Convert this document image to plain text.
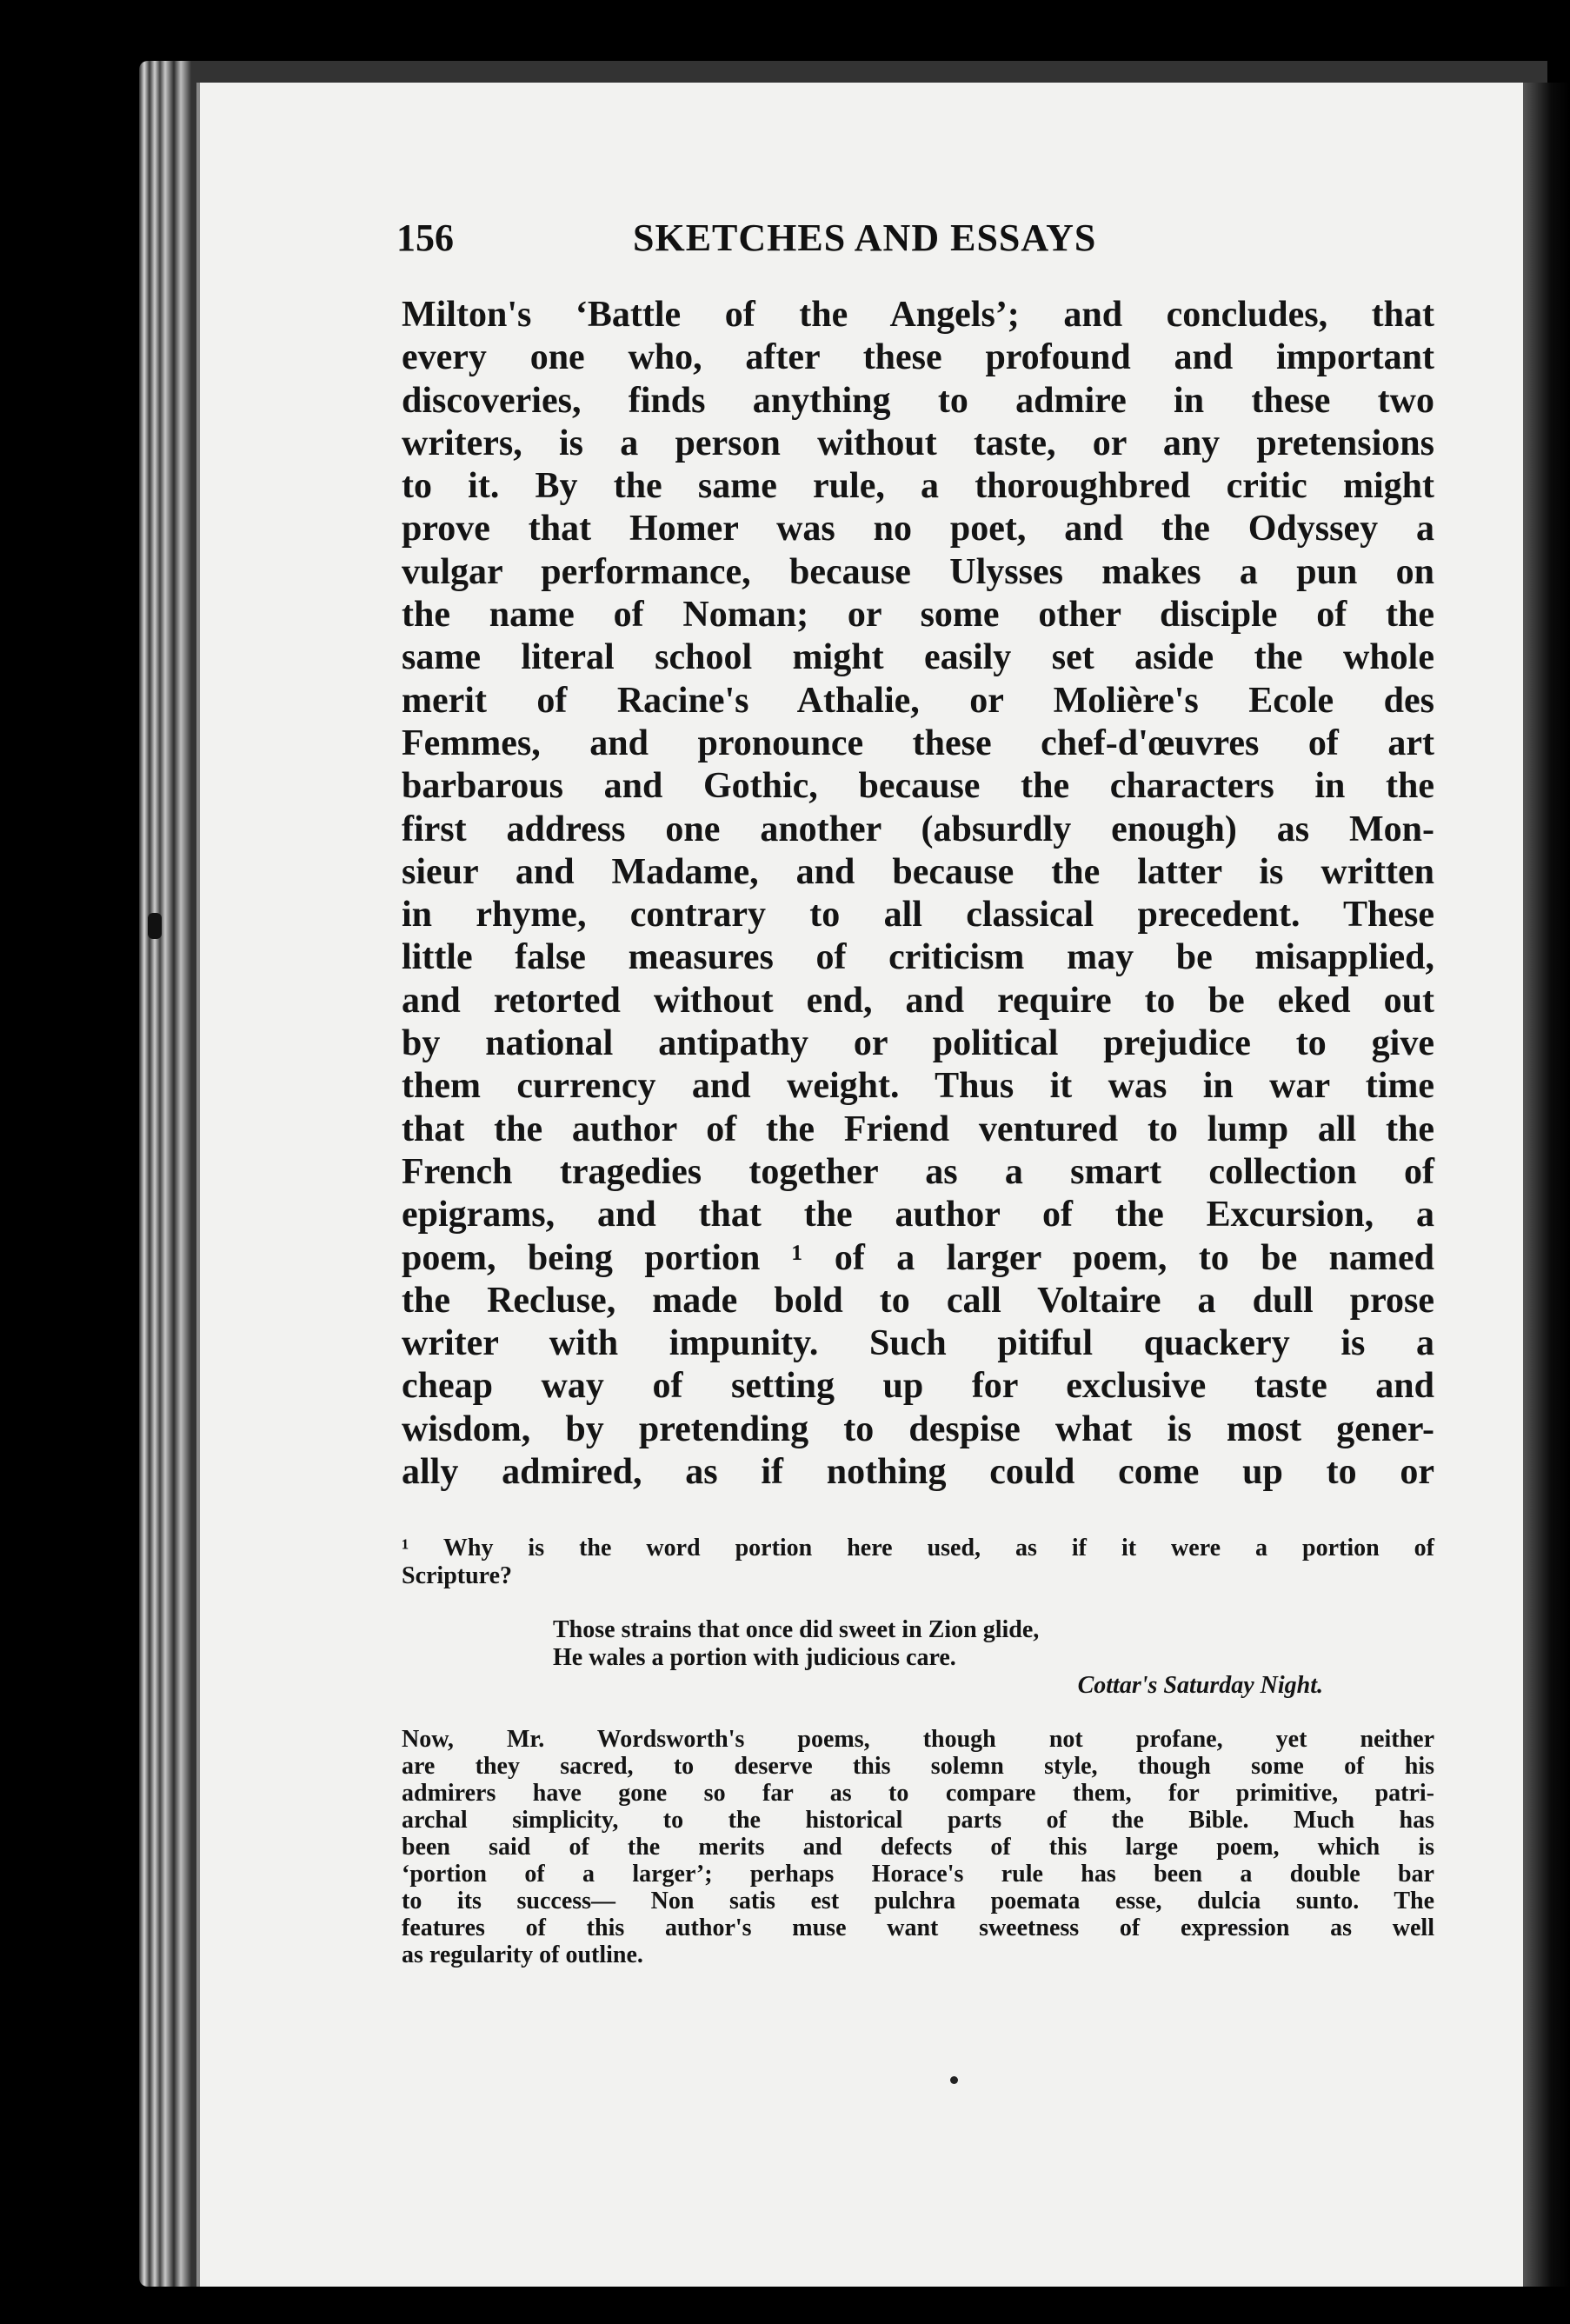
156	SKETCHES AND ESSAYS
Milton's ‘Battle of the Angels’; and concludes, that
every one who, after these profound and important
discoveries, finds anything to admire in these two
writers, is a person without taste, or any pretensions
to it. By the same rule, a thoroughbred critic might
prove that Homer was no poet, and the Odyssey a
vulgar performance, because Ulysses makes a pun on
the name of Noman; or some other disciple of the
same literal school might easily set aside the whole
merit of Racine's Athalie, or Molière's Ecole des
Femmes, and pronounce these chef-d'œuvres of art
barbarous and Gothic, because the characters in the
first address one another (absurdly enough) as Mon-
sieur and Madame, and because the latter is written
in rhyme, contrary to all classical precedent. These
little false measures of criticism may be misapplied,
and retorted without end, and require to be eked out
by national antipathy or political prejudice to give
them currency and weight. Thus it was in war time
that the author of the Friend ventured to lump all the
French tragedies together as a smart collection of
epigrams, and that the author of the Excursion, a
poem, being portion ¹ of a larger poem, to be named
the Recluse, made bold to call Voltaire a dull prose
writer with impunity. Such pitiful quackery is a
cheap way of setting up for exclusive taste and
wisdom, by pretending to despise what is most gener-
ally admired, as if nothing could come up to or
¹ Why is the word portion here used, as if it were a portion of
Scripture?
Those strains that once did sweet in Zion glide,
He wales a portion with judicious care.
Cottar's Saturday Night.
Now, Mr. Wordsworth's poems, though not profane, yet neither
are they sacred, to deserve this solemn style, though some of his
admirers have gone so far as to compare them, for primitive, patri-
archal simplicity, to the historical parts of the Bible. Much has
been said of the merits and defects of this large poem, which is
‘portion of a larger’; perhaps Horace's rule has been a double bar
to its success— Non satis est pulchra poemata esse, dulcia sunto. The
features of this author's muse want sweetness of expression as well
as regularity of outline.
